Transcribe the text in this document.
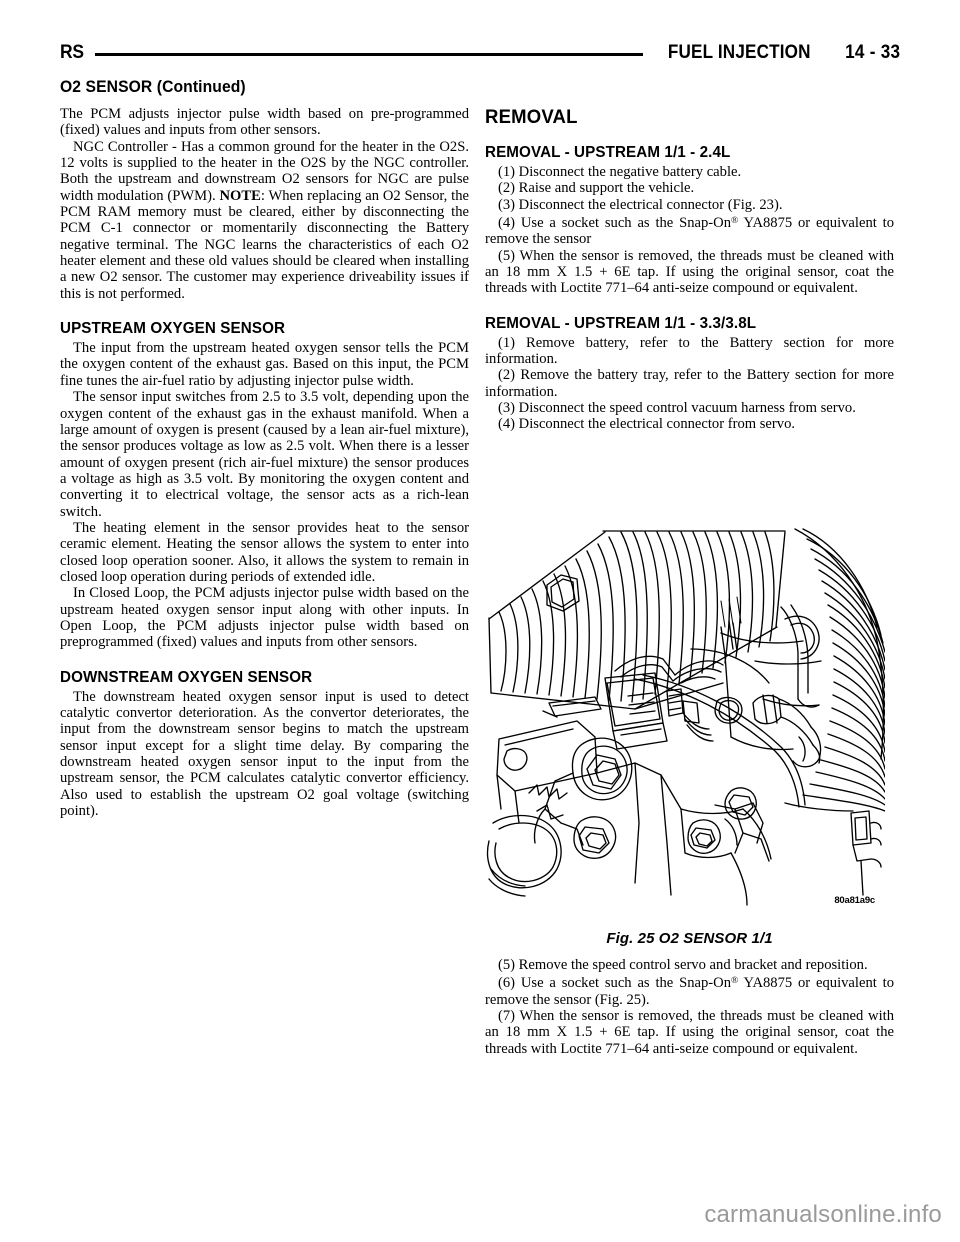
RS	FUEL INJECTION 14 - 33
O2 SENSOR (Continued)

The PCM adjusts injector pulse width based on pre-programmed (fixed) values and inputs from other sensors.

NGC Controller - Has a common ground for the heater in the O2S. 12 volts is supplied to the heater in the O2S by the NGC controller. Both the upstream and downstream O2 sensors for NGC are pulse width modulation (PWM). NOTE: When replacing an O2 Sensor, the PCM RAM memory must be cleared, either by disconnecting the PCM C-1 connector or momentarily disconnecting the Battery negative terminal. The NGC learns the characteristics of each O2 heater element and these old values should be cleared when installing a new O2 sensor. The customer may experience driveability issues if this is not performed.

UPSTREAM OXYGEN SENSOR

The input from the upstream heated oxygen sensor tells the PCM the oxygen content of the exhaust gas. Based on this input, the PCM fine tunes the air-fuel ratio by adjusting injector pulse width.

The sensor input switches from 2.5 to 3.5 volt, depending upon the oxygen content of the exhaust gas in the exhaust manifold. When a large amount of oxygen is present (caused by a lean air-fuel mixture), the sensor produces voltage as low as 2.5 volt. When there is a lesser amount of oxygen present (rich air-fuel mixture) the sensor produces a voltage as high as 3.5 volt. By monitoring the oxygen content and converting it to electrical voltage, the sensor acts as a rich-lean switch.

The heating element in the sensor provides heat to the sensor ceramic element. Heating the sensor allows the system to enter into closed loop operation sooner. Also, it allows the system to remain in closed loop operation during periods of extended idle.

In Closed Loop, the PCM adjusts injector pulse width based on the upstream heated oxygen sensor input along with other inputs. In Open Loop, the PCM adjusts injector pulse width based on preprogrammed (fixed) values and inputs from other sensors.

DOWNSTREAM OXYGEN SENSOR

The downstream heated oxygen sensor input is used to detect catalytic convertor deterioration. As the convertor deteriorates, the input from the downstream sensor begins to match the upstream sensor input except for a slight time delay. By comparing the downstream heated oxygen sensor input to the input from the upstream sensor, the PCM calculates catalytic convertor efficiency. Also used to establish the upstream O2 goal voltage (switching point).

REMOVAL
REMOVAL - UPSTREAM 1/1 - 2.4L

(1) Disconnect the negative battery cable.

(2) Raise and support the vehicle.

(3) Disconnect the electrical connector (Fig. 23).

(4) Use a socket such as the Snap-On® YA8875 or equivalent to remove the sensor

(5) When the sensor is removed, the threads must be cleaned with an 18 mm X 1.5 + 6E tap. If using the original sensor, coat the threads with Loctite 771–64 anti-seize compound or equivalent.

REMOVAL - UPSTREAM 1/1 - 3.3/3.8L

(1) Remove battery, refer to the Battery section for more information.

(2) Remove the battery tray, refer to the Battery section for more information.

(3) Disconnect the speed control vacuum harness from servo.

(4) Disconnect the electrical connector from servo.

80a81a9c
Fig. 25 O2 SENSOR 1/1

(5) Remove the speed control servo and bracket and reposition.

(6) Use a socket such as the Snap-On® YA8875 or equivalent to remove the sensor (Fig. 25).

(7) When the sensor is removed, the threads must be cleaned with an 18 mm X 1.5 + 6E tap. If using the original sensor, coat the threads with Loctite 771–64 anti-seize compound or equivalent.

carmanualsonline.info
